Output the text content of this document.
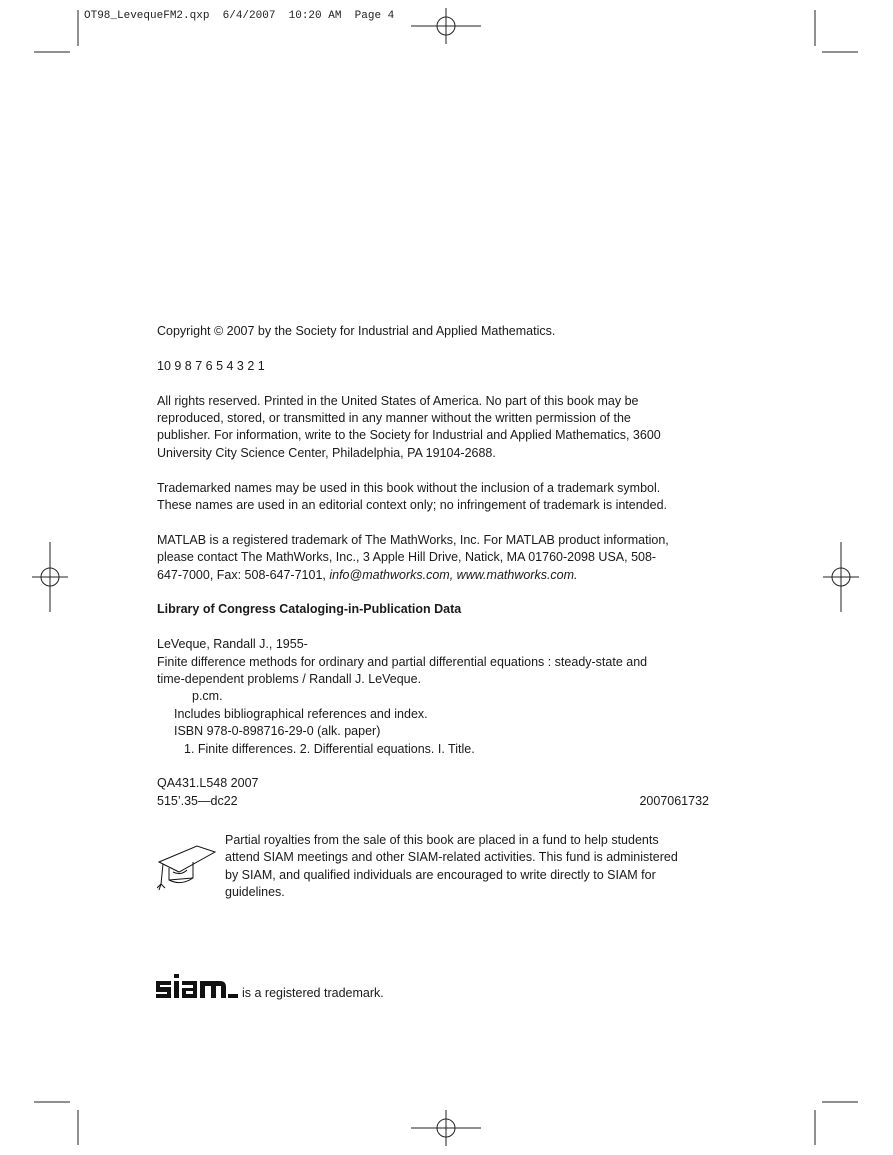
OT98_LevequeFM2.qxp  6/4/2007  10:20 AM  Page 4

Copyright © 2007 by the Society for Industrial and Applied Mathematics.

10 9 8 7 6 5 4 3 2 1

All rights reserved. Printed in the United States of America. No part of this book may be
reproduced, stored, or transmitted in any manner without the written permission of the
publisher. For information, write to the Society for Industrial and Applied Mathematics, 3600
University City Science Center, Philadelphia, PA 19104-2688.

Trademarked names may be used in this book without the inclusion of a trademark symbol.
These names are used in an editorial context only; no infringement of trademark is intended.

MATLAB is a registered trademark of The MathWorks, Inc. For MATLAB product information,
please contact The MathWorks, Inc., 3 Apple Hill Drive, Natick, MA 01760-2098 USA, 508-
647-7000, Fax: 508-647-7101, info@mathworks.com, www.mathworks.com.

Library of Congress Cataloging-in-Publication Data

LeVeque, Randall J., 1955-
Finite difference methods for ordinary and partial differential equations : steady-state and
time-dependent problems / Randall J. LeVeque.
p.cm.
Includes bibliographical references and index.
ISBN 978-0-898716-29-0 (alk. paper)
1. Finite differences. 2. Differential equations. I. Title.

QA431.L548 2007
515’.35—dc22	2007061732
Partial royalties from the sale of this book are placed in a fund to help students
attend SIAM meetings and other SIAM-related activities. This fund is administered
by SIAM, and qualified individuals are encouraged to write directly to SIAM for
guidelines.
is a registered trademark.
